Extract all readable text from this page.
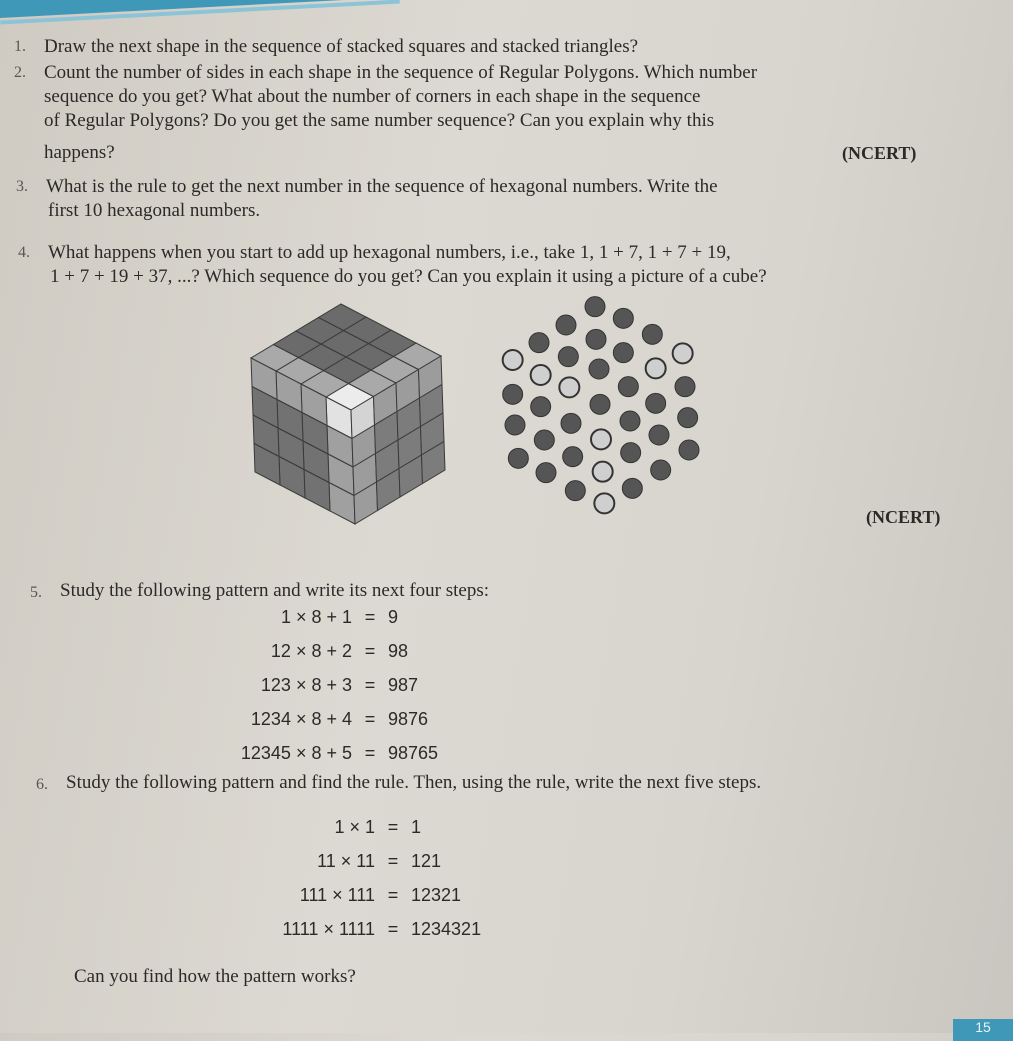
1. Draw the next shape in the sequence of stacked squares and stacked triangles?
2. Count the number of sides in each shape in the sequence of Regular Polygons. Which number
sequence do you get? What about the number of corners in each shape in the sequence
of Regular Polygons? Do you get the same number sequence? Can you explain why this
happens?	(NCERT)
3. What is the rule to get the next number in the sequence of hexagonal numbers. Write the
first 10 hexagonal numbers.
4. What happens when you start to add up hexagonal numbers, i.e., take 1, 1 + 7, 1 + 7 + 19,
1 + 7 + 19 + 37, ...? Which sequence do you get? Can you explain it using a picture of a cube?
(NCERT)
5. Study the following pattern and write its next four steps:
1 × 8 + 1 = 9
12 × 8 + 2 = 98
123 × 8 + 3 = 987
1234 × 8 + 4 = 9876
12345 × 8 + 5 = 98765
6. Study the following pattern and find the rule. Then, using the rule, write the next five steps.
1 × 1 = 1
11 × 11 = 121
111 × 111 = 12321
1111 × 1111 = 1234321
Can you find how the pattern works?
15
